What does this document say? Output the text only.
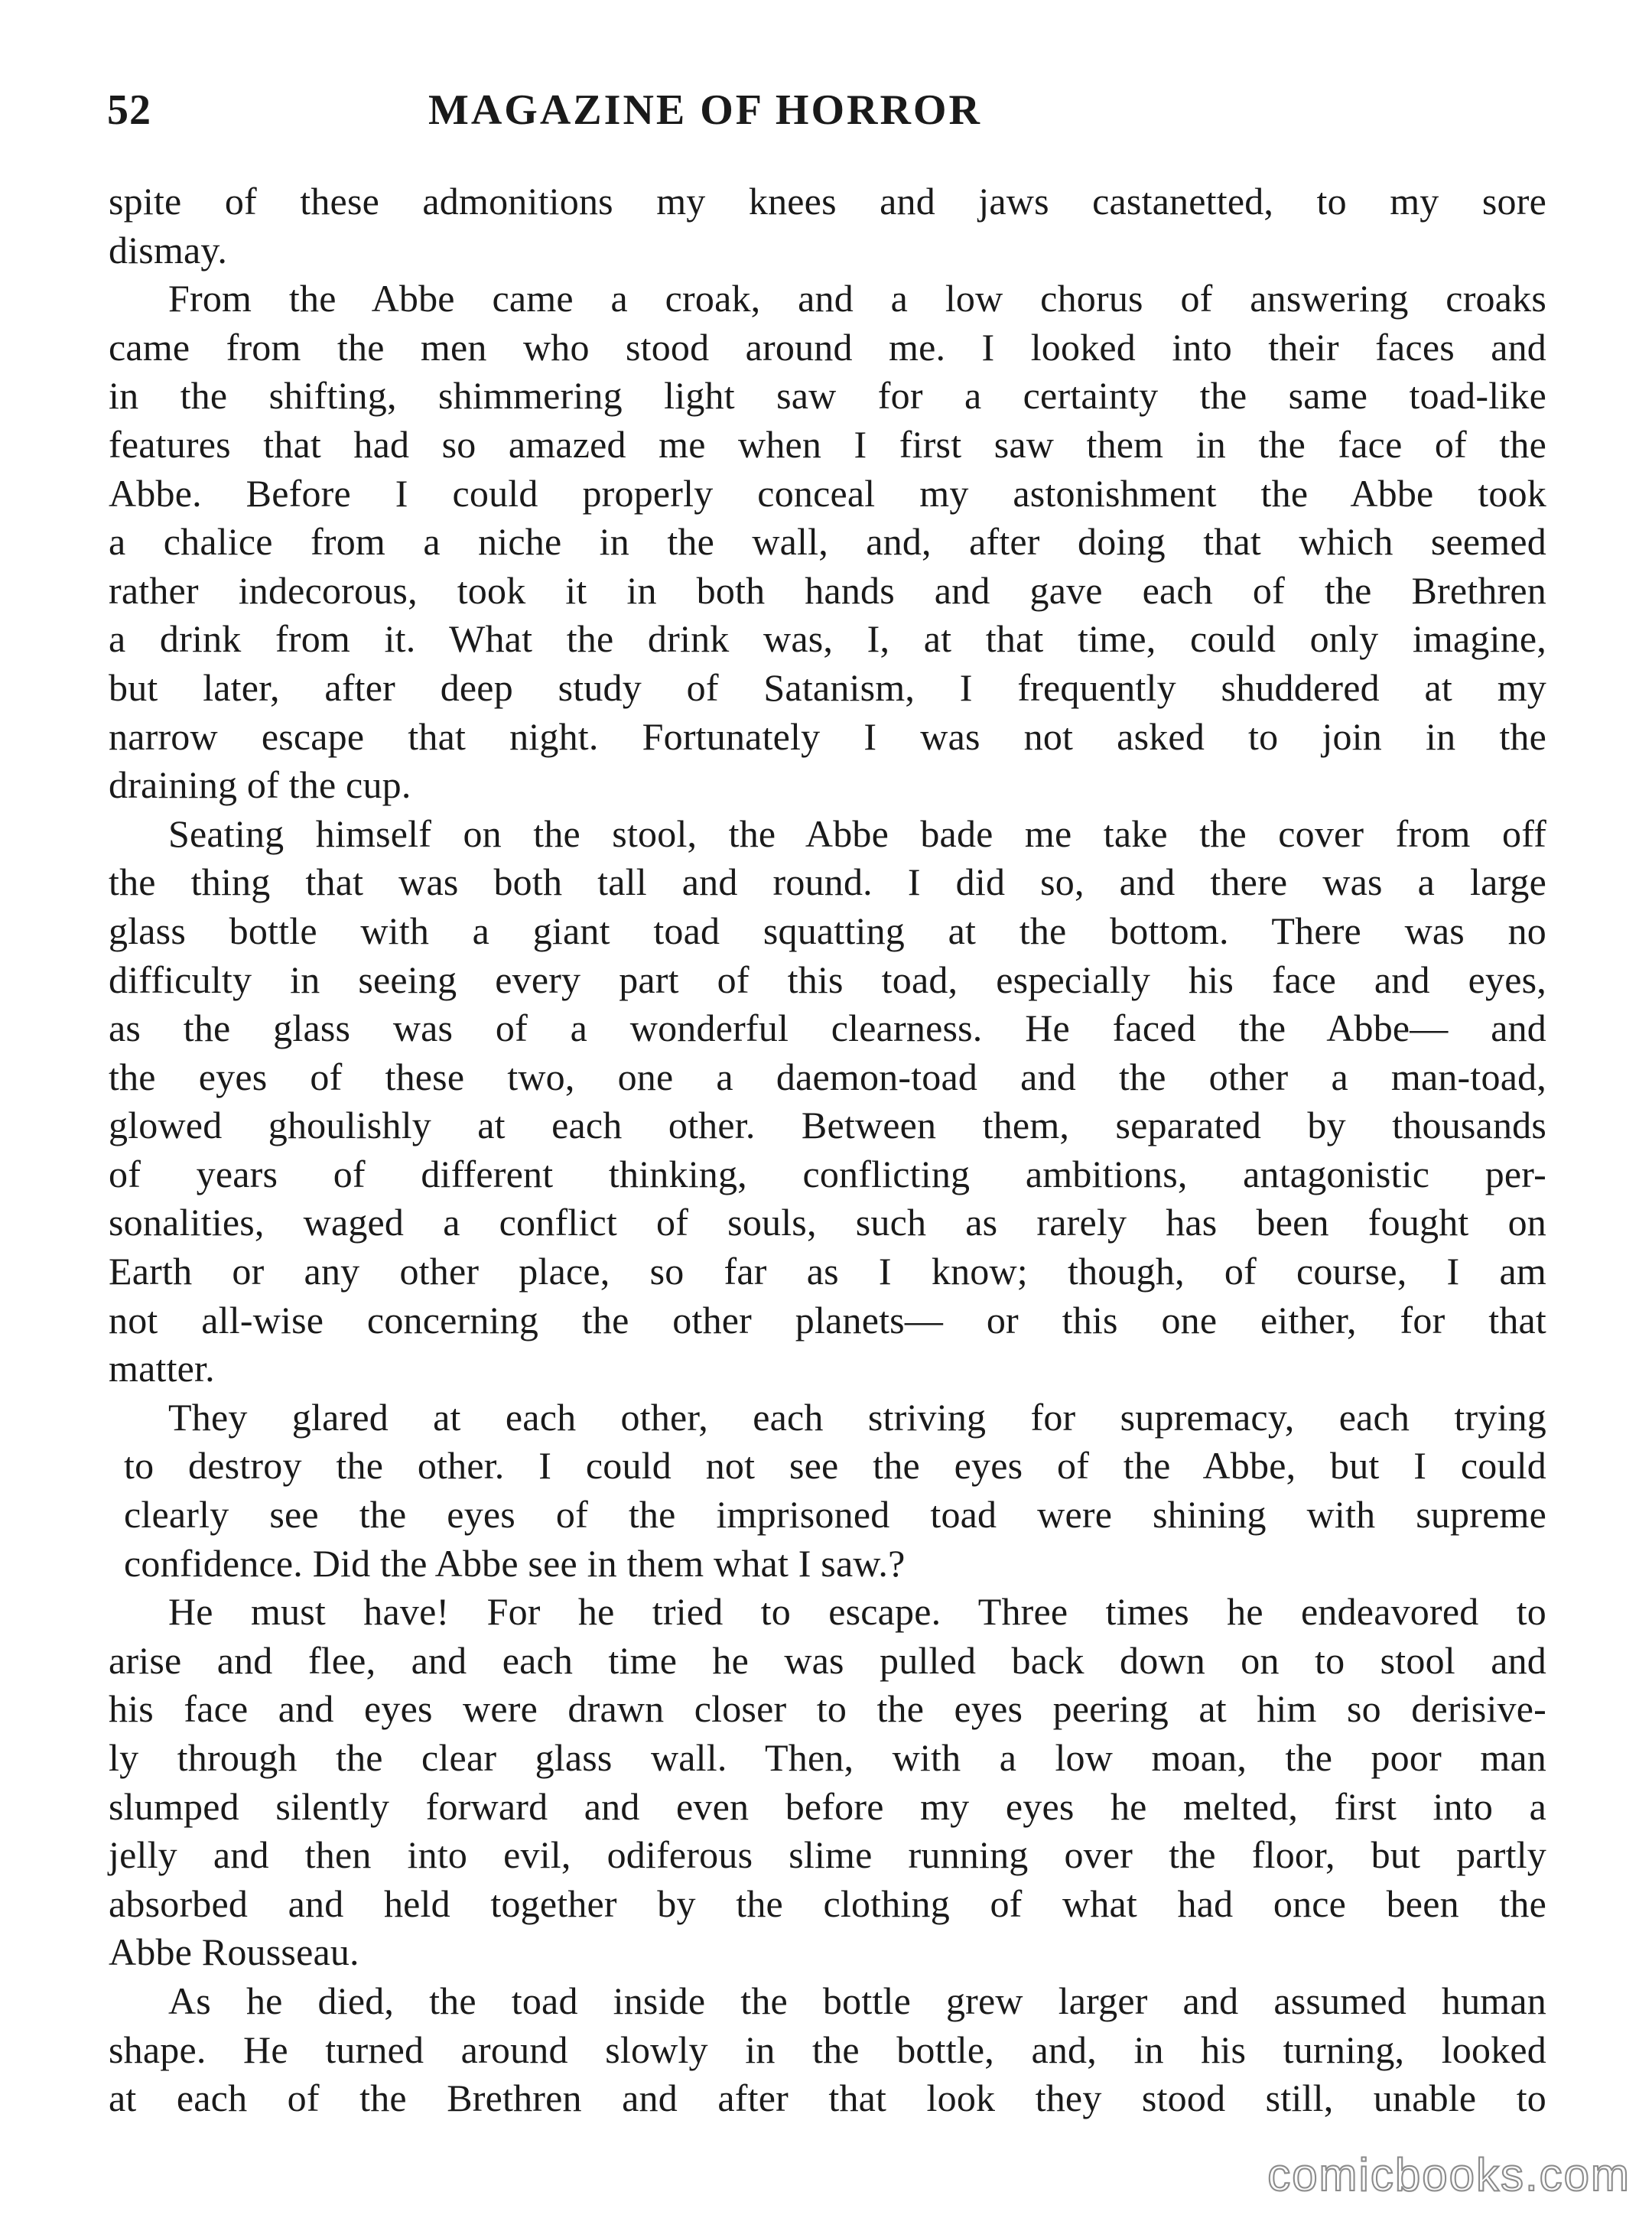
52	MAGAZINE OF HORROR
spite of these admonitions my knees and jaws castanetted, to my sore
dismay.
From the Abbe came a croak, and a low chorus of answering croaks
came from the men who stood around me. I looked into their faces and
in the shifting, shimmering light saw for a certainty the same toad-like
features that had so amazed me when I first saw them in the face of the
Abbe. Before I could properly conceal my astonishment the Abbe took
a chalice from a niche in the wall, and, after doing that which seemed
rather indecorous, took it in both hands and gave each of the Brethren
a drink from it. What the drink was, I, at that time, could only imagine,
but later, after deep study of Satanism, I frequently shuddered at my
narrow escape that night. Fortunately I was not asked to join in the
draining of the cup.
Seating himself on the stool, the Abbe bade me take the cover from off
the thing that was both tall and round. I did so, and there was a large
glass bottle with a giant toad squatting at the bottom. There was no
difficulty in seeing every part of this toad, especially his face and eyes,
as the glass was of a wonderful clearness. He faced the Abbe— and
the eyes of these two, one a daemon-toad and the other a man-toad,
glowed ghoulishly at each other. Between them, separated by thousands
of years of different thinking, conflicting ambitions, antagonistic per-
sonalities, waged a conflict of souls, such as rarely has been fought on
Earth or any other place, so far as I know; though, of course, I am
not all-wise concerning the other planets— or this one either, for that
matter.
They glared at each other, each striving for supremacy, each trying
to destroy the other. I could not see the eyes of the Abbe, but I could
clearly see the eyes of the imprisoned toad were shining with supreme
confidence. Did the Abbe see in them what I saw.?
He must have! For he tried to escape. Three times he endeavored to
arise and flee, and each time he was pulled back down on to stool and
his face and eyes were drawn closer to the eyes peering at him so derisive-
ly through the clear glass wall. Then, with a low moan, the poor man
slumped silently forward and even before my eyes he melted, first into a
jelly and then into evil, odiferous slime running over the floor, but partly
absorbed and held together by the clothing of what had once been the
Abbe Rousseau.
As he died, the toad inside the bottle grew larger and assumed human
shape. He turned around slowly in the bottle, and, in his turning, looked
at each of the Brethren and after that look they stood still, unable to
comicbooks.com
